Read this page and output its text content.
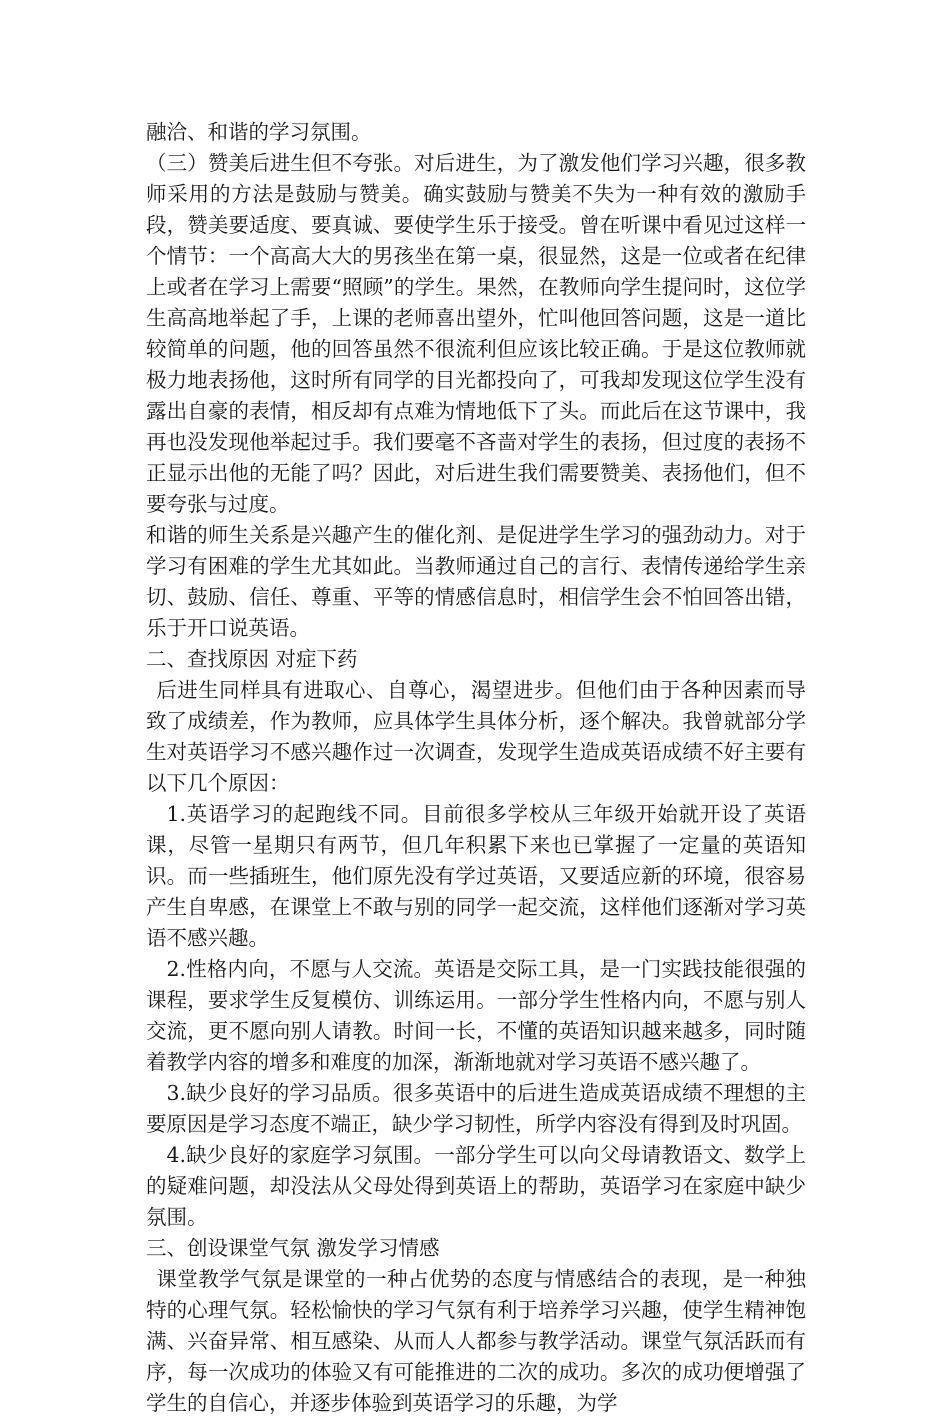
融洽、和谐的学习氛围。

（三）赞美后进生但不夸张。对后进生，为了激发他们学习兴趣，很多教师采用的方法是鼓励与赞美。确实鼓励与赞美不失为一种有效的激励手段，赞美要适度、要真诚、要使学生乐于接受。曾在听课中看见过这样一个情节：一个高高大大的男孩坐在第一桌，很显然，这是一位或者在纪律上或者在学习上需要“照顾”的学生。果然，在教师向学生提问时，这位学生高高地举起了手，上课的老师喜出望外，忙叫他回答问题，这是一道比较简单的问题，他的回答虽然不很流利但应该比较正确。于是这位教师就极力地表扬他，这时所有同学的目光都投向了，可我却发现这位学生没有露出自豪的表情，相反却有点难为情地低下了头。而此后在这节课中，我再也没发现他举起过手。我们要毫不吝啬对学生的表扬，但过度的表扬不正显示出他的无能了吗？因此，对后进生我们需要赞美、表扬他们，但不要夸张与过度。

和谐的师生关系是兴趣产生的催化剂、是促进学生学习的强劲动力。对于学习有困难的学生尤其如此。当教师通过自己的言行、表情传递给学生亲切、鼓励、信任、尊重、平等的情感信息时，相信学生会不怕回答出错，乐于开口说英语。

二、查找原因 对症下药

后进生同样具有进取心、自尊心，渴望进步。但他们由于各种因素而导致了成绩差，作为教师，应具体学生具体分析，逐个解决。我曾就部分学生对英语学习不感兴趣作过一次调查，发现学生造成英语成绩不好主要有以下几个原因：

1.英语学习的起跑线不同。目前很多学校从三年级开始就开设了英语课，尽管一星期只有两节，但几年积累下来也已掌握了一定量的英语知识。而一些插班生，他们原先没有学过英语，又要适应新的环境，很容易产生自卑感，在课堂上不敢与别的同学一起交流，这样他们逐渐对学习英语不感兴趣。

2.性格内向，不愿与人交流。英语是交际工具，是一门实践技能很强的课程，要求学生反复模仿、训练运用。一部分学生性格内向，不愿与别人交流，更不愿向别人请教。时间一长，不懂的英语知识越来越多，同时随着教学内容的增多和难度的加深，渐渐地就对学习英语不感兴趣了。

3.缺少良好的学习品质。很多英语中的后进生造成英语成绩不理想的主要原因是学习态度不端正，缺少学习韧性，所学内容没有得到及时巩固。

4.缺少良好的家庭学习氛围。一部分学生可以向父母请教语文、数学上的疑难问题，却没法从父母处得到英语上的帮助，英语学习在家庭中缺少氛围。

三、创设课堂气氛 激发学习情感

课堂教学气氛是课堂的一种占优势的态度与情感结合的表现，是一种独特的心理气氛。轻松愉快的学习气氛有利于培养学习兴趣，使学生精神饱满、兴奋异常、相互感染、从而人人都参与教学活动。课堂气氛活跃而有序，每一次成功的体验又有可能推进的二次的成功。多次的成功便增强了学生的自信心，并逐步体验到英语学习的乐趣，为学
